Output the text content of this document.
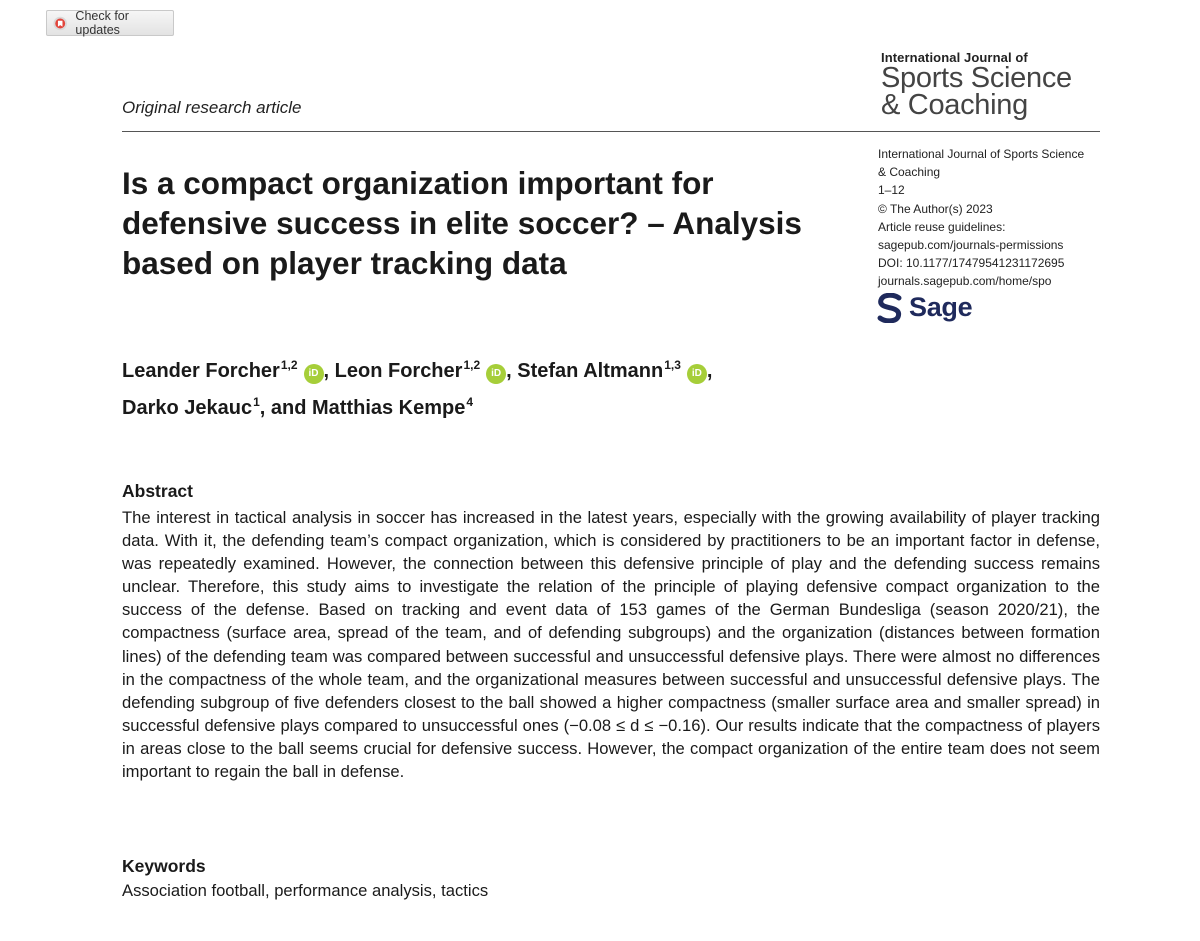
Check for updates
Original research article
International Journal of
Sports Science
& Coaching
Is a compact organization important for defensive success in elite soccer? – Analysis based on player tracking data
International Journal of Sports Science
& Coaching
1–12
© The Author(s) 2023
Article reuse guidelines:
sagepub.com/journals-permissions
DOI: 10.1177/17479541231172695
journals.sagepub.com/home/spo
Sage
Leander Forcher$^{1,2}$iD , Leon Forcher$^{1,2}$iD , Stefan Altmann$^{1,3}$iD ,
Darko Jekauc$^1$, and Matthias Kempe$^4$
Abstract

The interest in tactical analysis in soccer has increased in the latest years, especially with the growing availability of player tracking data. With it, the defending team’s compact organization, which is considered by practitioners to be an important factor in defense, was repeatedly examined. However, the connection between this defensive principle of play and the defending success remains unclear. Therefore, this study aims to investigate the relation of the principle of playing defensive compact organization to the success of the defense. Based on tracking and event data of 153 games of the German Bundesliga (season 2020/21), the compactness (surface area, spread of the team, and of defending subgroups) and the organization (distances between formation lines) of the defending team was compared between successful and unsuccessful defensive plays. There were almost no differences in the compactness of the whole team, and the organizational measures between successful and unsuccessful defensive plays. The defending subgroup of five defenders closest to the ball showed a higher compactness (smaller surface area and smaller spread) in successful defensive plays compared to unsuccessful ones (−0.08 ≤ d ≤ −0.16). Our results indicate that the compactness of players in areas close to the ball seems crucial for defensive success. However, the compact organization of the entire team does not seem important to regain the ball in defense.

Keywords
Association football, performance analysis, tactics
